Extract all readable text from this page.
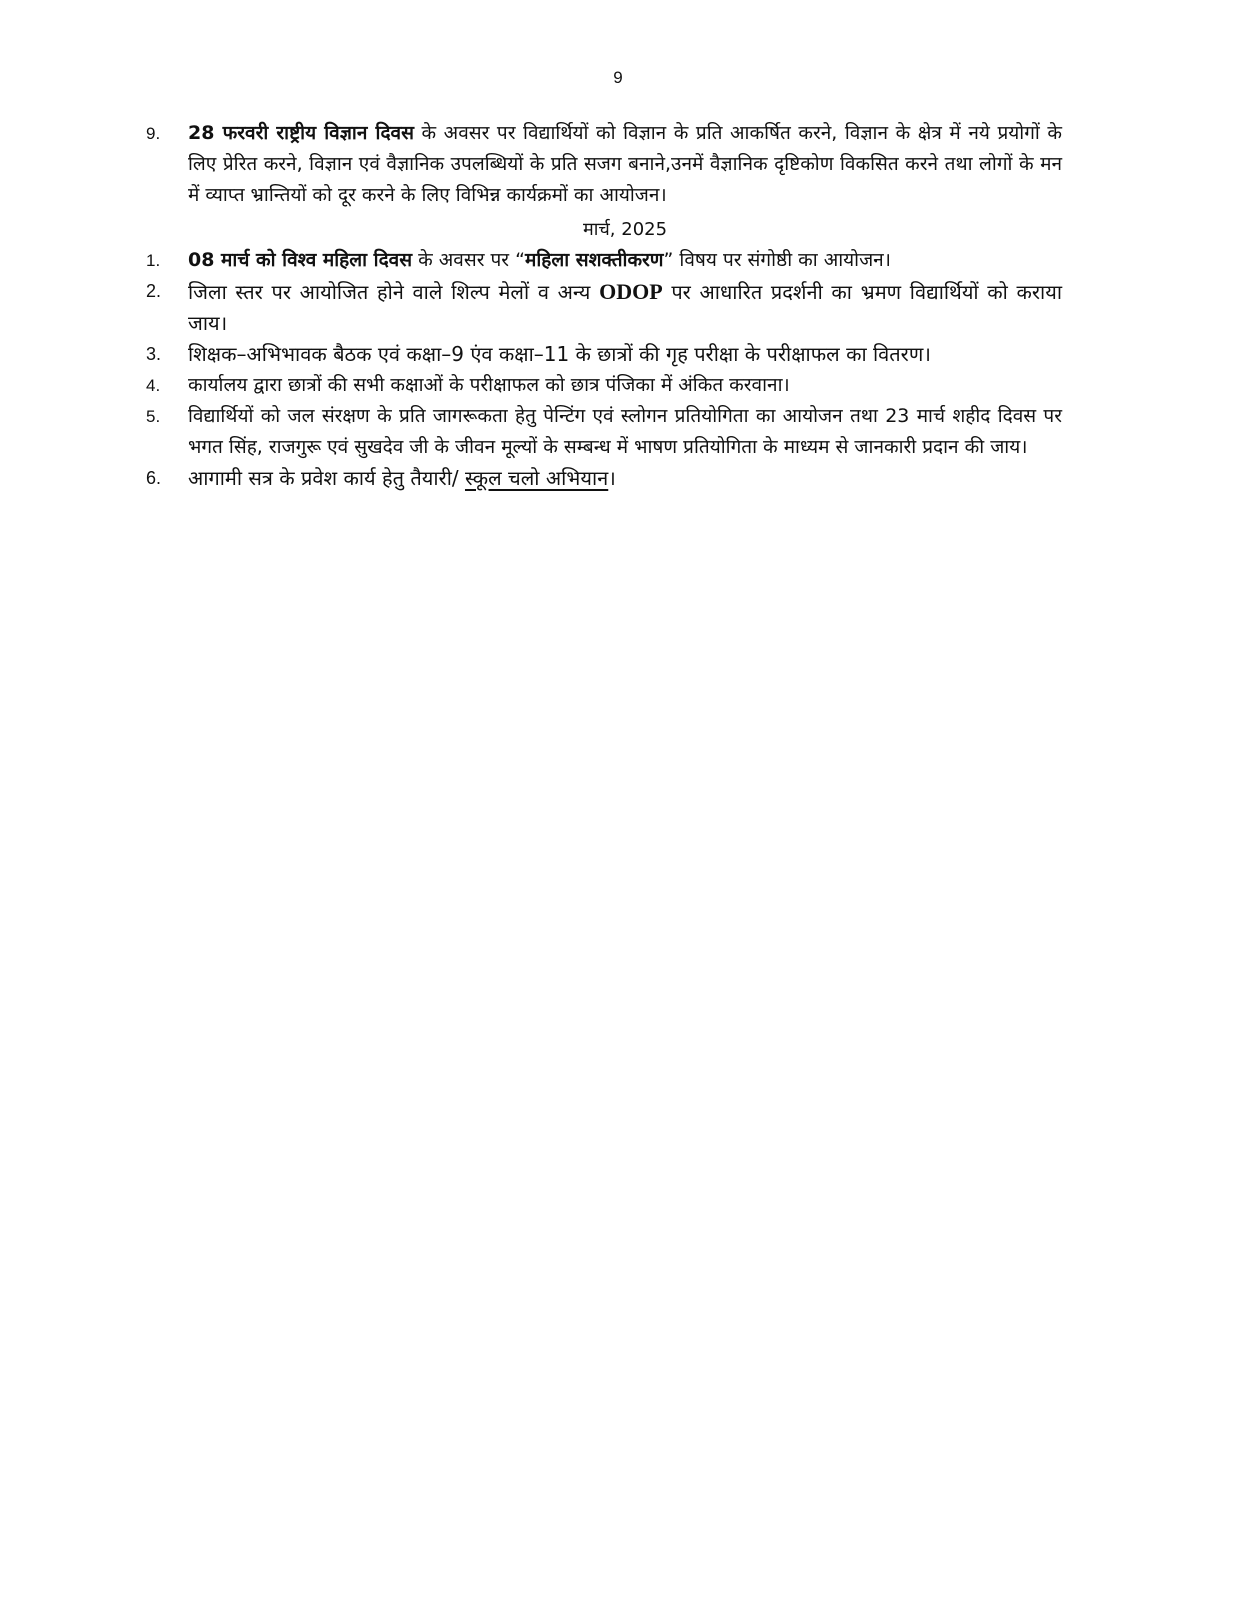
9
9. 28 फरवरी राष्ट्रीय विज्ञान दिवस के अवसर पर विद्यार्थियों को विज्ञान के प्रति आकर्षित करने, विज्ञान के क्षेत्र में नये प्रयोगों के लिए प्रेरित करने, विज्ञान एवं वैज्ञानिक उपलब्धियों के प्रति सजग बनाने,उनमें वैज्ञानिक दृष्टिकोण विकसित करने तथा लोगों के मन में व्याप्त भ्रान्तियों को दूर करने के लिए विभिन्न कार्यक्रमों का आयोजन।
मार्च, 2025
1. 08 मार्च को विश्व महिला दिवस के अवसर पर “महिला सशक्तीकरण” विषय पर संगोष्ठी का आयोजन।
2. जिला स्तर पर आयोजित होने वाले शिल्प मेलों व अन्य ODOP पर आधारित प्रदर्शनी का भ्रमण विद्यार्थियों को कराया जाय।
3. शिक्षक–अभिभावक बैठक एवं कक्षा–9 एंव कक्षा–11 के छात्रों की गृह परीक्षा के परीक्षाफल का वितरण।
4. कार्यालय द्वारा छात्रों की सभी कक्षाओं के परीक्षाफल को छात्र पंजिका में अंकित करवाना।
5. विद्यार्थियों को जल संरक्षण के प्रति जागरूकता हेतु पेन्टिंग एवं स्लोगन प्रतियोगिता का आयोजन तथा 23 मार्च शहीद दिवस पर भगत सिंह, राजगुरू एवं सुखदेव जी के जीवन मूल्यों के सम्बन्ध में भाषण प्रतियोगिता के माध्यम से जानकारी प्रदान की जाय।
6. आगामी सत्र के प्रवेश कार्य हेतु तैयारी/ स्कूल चलो अभियान।
